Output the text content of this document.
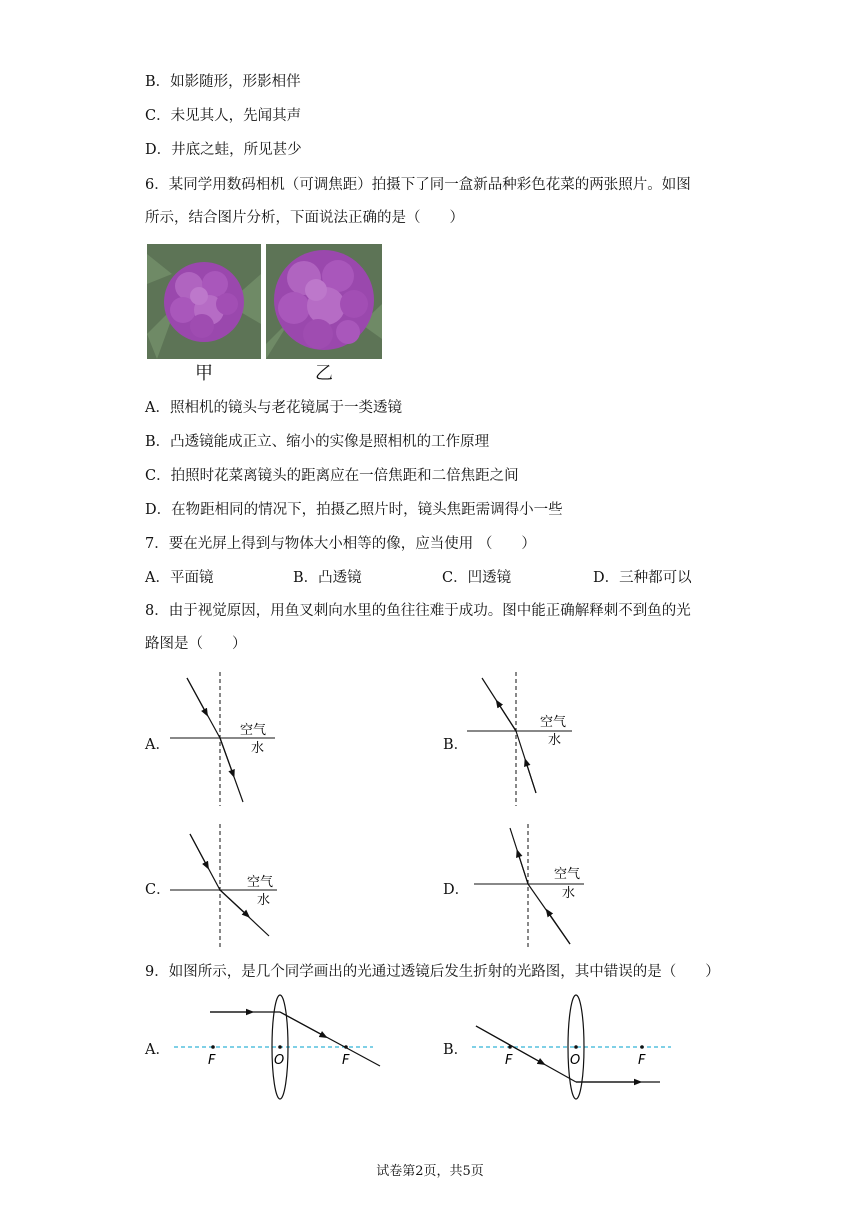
B．如影随形，形影相伴
C．未见其人，先闻其声
D．井底之蛙，所见甚少
6．某同学用数码相机（可调焦距）拍摄下了同一盒新品种彩色花菜的两张照片。如图
所示，结合图片分析，下面说法正确的是（　　）
甲	乙
A．照相机的镜头与老花镜属于一类透镜
B．凸透镜能成正立、缩小的实像是照相机的工作原理
C．拍照时花菜离镜头的距离应在一倍焦距和二倍焦距之间
D．在物距相同的情况下，拍摄乙照片时，镜头焦距需调得小一些
7．要在光屏上得到与物体大小相等的像，应当使用 （　　）
A．平面镜	B．凸透镜	C．凹透镜	D．三种都可以
8．由于视觉原因，用鱼叉刺向水里的鱼往往难于成功。图中能正确解释刺不到鱼的光
路图是（　　）
A．
空气
水	B．
空气
水
C．	空气
水
D．
空气
水
9．如图所示，是几个同学画出的光通过透镜后发生折射的光路图，其中错误的是（　　）
A．
F	O	F
B．
F	O	F
试卷第2页，共5页
